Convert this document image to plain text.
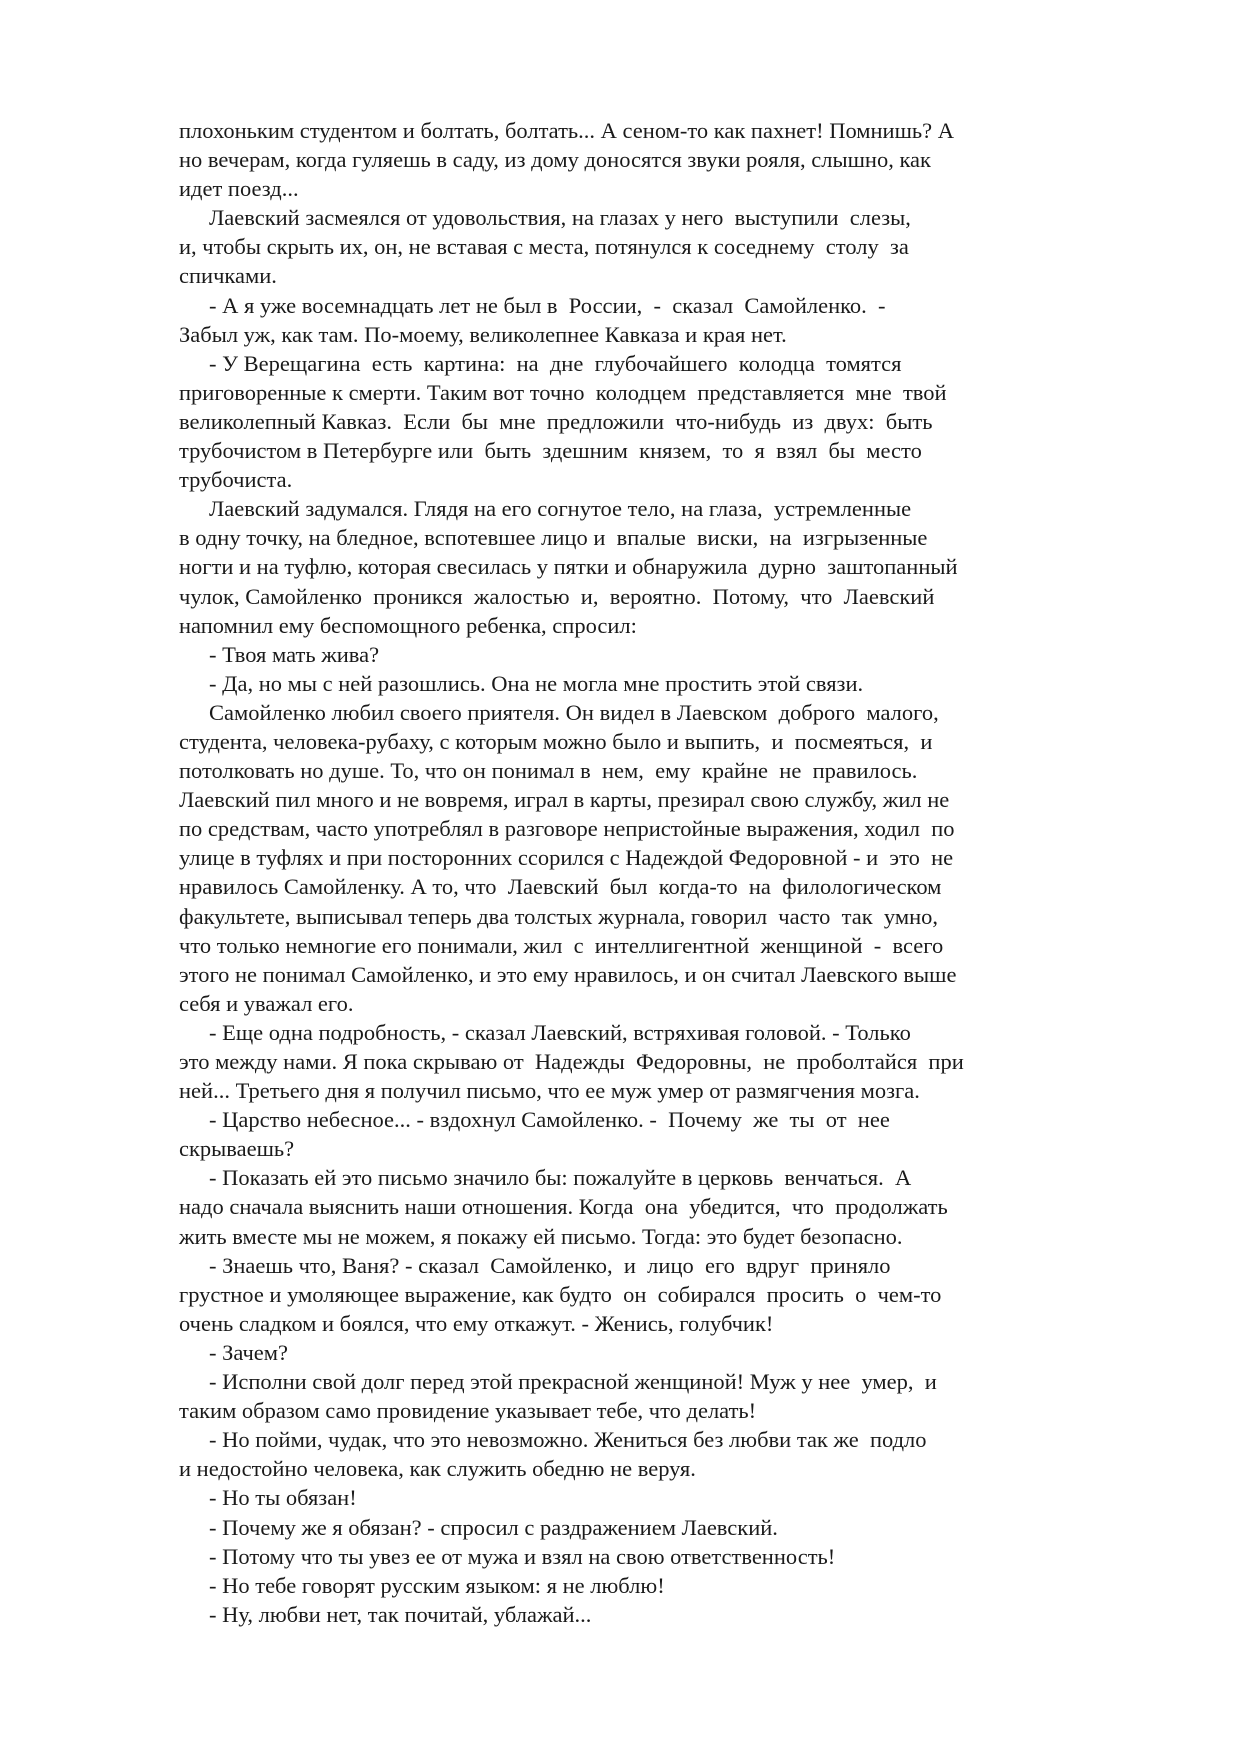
плохоньким студентом и болтать, болтать... А сеном-то как пахнет! Помнишь? А
но вечерам, когда гуляешь в саду, из дому доносятся звуки рояля, слышно, как
идет поезд...

Лаевский засмеялся от удовольствия, на глазах у него  выступили  слезы,
и, чтобы скрыть их, он, не вставая с места, потянулся к соседнему  столу  за
спичками.

- А я уже восемнадцать лет не был в  России,  -  сказал  Самойленко.  -
Забыл уж, как там. По-моему, великолепнее Кавказа и края нет.

- У Верещагина  есть  картина:  на  дне  глубочайшего  колодца  томятся
приговоренные к смерти. Таким вот точно  колодцем  представляется  мне  твой
великолепный Кавказ.  Если  бы  мне  предложили  что-нибудь  из  двух:  быть
трубочистом в Петербурге или  быть  здешним  князем,  то  я  взял  бы  место
трубочиста.

Лаевский задумался. Глядя на его согнутое тело, на глаза,  устремленные
в одну точку, на бледное, вспотевшее лицо и  впалые  виски,  на  изгрызенные
ногти и на туфлю, которая свесилась у пятки и обнаружила  дурно  заштопанный
чулок, Самойленко  проникся  жалостью  и,  вероятно.  Потому,  что  Лаевский
напомнил ему беспомощного ребенка, спросил:

- Твоя мать жива?

- Да, но мы с ней разошлись. Она не могла мне простить этой связи.

Самойленко любил своего приятеля. Он видел в Лаевском  доброго  малого,
студента, человека-рубаху, с которым можно было и выпить,  и  посмеяться,  и
потолковать но душе. То, что он понимал в  нем,  ему  крайне  не  правилось.
Лаевский пил много и не вовремя, играл в карты, презирал свою службу, жил не
по средствам, часто употреблял в разговоре непристойные выражения, ходил  по
улице в туфлях и при посторонних ссорился с Надеждой Федоровной - и  это  не
нравилось Самойленку. А то, что  Лаевский  был  когда-то  на  филологическом
факультете, выписывал теперь два толстых журнала, говорил  часто  так  умно,
что только немногие его понимали, жил  с  интеллигентной  женщиной  -  всего
этого не понимал Самойленко, и это ему нравилось, и он считал Лаевского выше
себя и уважал его.

- Еще одна подробность, - сказал Лаевский, встряхивая головой. - Только
это между нами. Я пока скрываю от  Надежды  Федоровны,  не  проболтайся  при
ней... Третьего дня я получил письмо, что ее муж умер от размягчения мозга.

- Царство небесное... - вздохнул Самойленко. -  Почему  же  ты  от  нее
скрываешь?

- Показать ей это письмо значило бы: пожалуйте в церковь  венчаться.  А
надо сначала выяснить наши отношения. Когда  она  убедится,  что  продолжать
жить вместе мы не можем, я покажу ей письмо. Тогда: это будет безопасно.

- Знаешь что, Ваня? - сказал  Самойленко,  и  лицо  его  вдруг  приняло
грустное и умоляющее выражение, как будто  он  собирался  просить  о  чем-то
очень сладком и боялся, что ему откажут. - Женись, голубчик!

- Зачем?

- Исполни свой долг перед этой прекрасной женщиной! Муж у нее  умер,  и
таким образом само провидение указывает тебе, что делать!

- Но пойми, чудак, что это невозможно. Жениться без любви так же  подло
и недостойно человека, как служить обедню не веруя.

- Но ты обязан!

- Почему же я обязан? - спросил с раздражением Лаевский.

- Потому что ты увез ее от мужа и взял на свою ответственность!

- Но тебе говорят русским языком: я не люблю!

- Ну, любви нет, так почитай, ублажай...
